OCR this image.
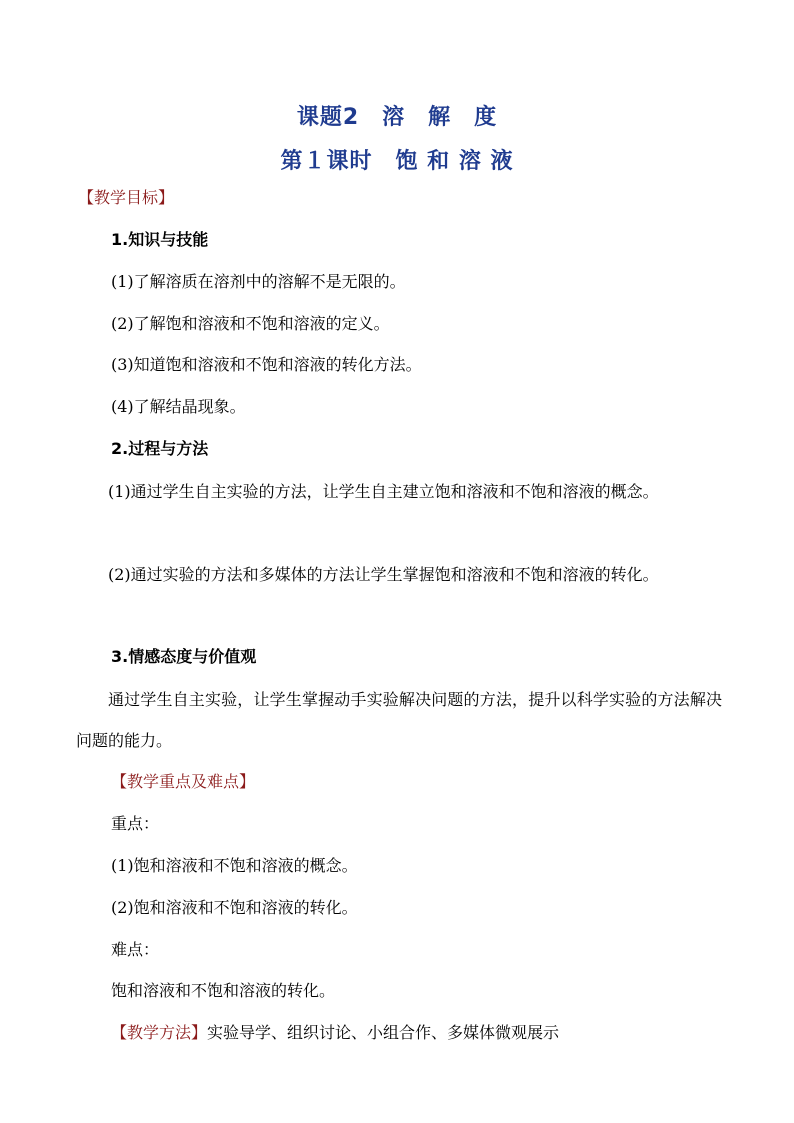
课题2　溶　解　度
第１课时　饱 和 溶 液
【教学目标】
1.知识与技能
(1)了解溶质在溶剂中的溶解不是无限的。
(2)了解饱和溶液和不饱和溶液的定义。
(3)知道饱和溶液和不饱和溶液的转化方法。
(4)了解结晶现象。
2.过程与方法
(1)通过学生自主实验的方法，让学生自主建立饱和溶液和不饱和溶液的概念。
(2)通过实验的方法和多媒体的方法让学生掌握饱和溶液和不饱和溶液的转化。
3.情感态度与价值观
通过学生自主实验，让学生掌握动手实验解决问题的方法，提升以科学实验的方法解决问题的能力。
【教学重点及难点】
重点：
(1)饱和溶液和不饱和溶液的概念。
(2)饱和溶液和不饱和溶液的转化。
难点：
饱和溶液和不饱和溶液的转化。
【教学方法】实验导学、组织讨论、小组合作、多媒体微观展示
